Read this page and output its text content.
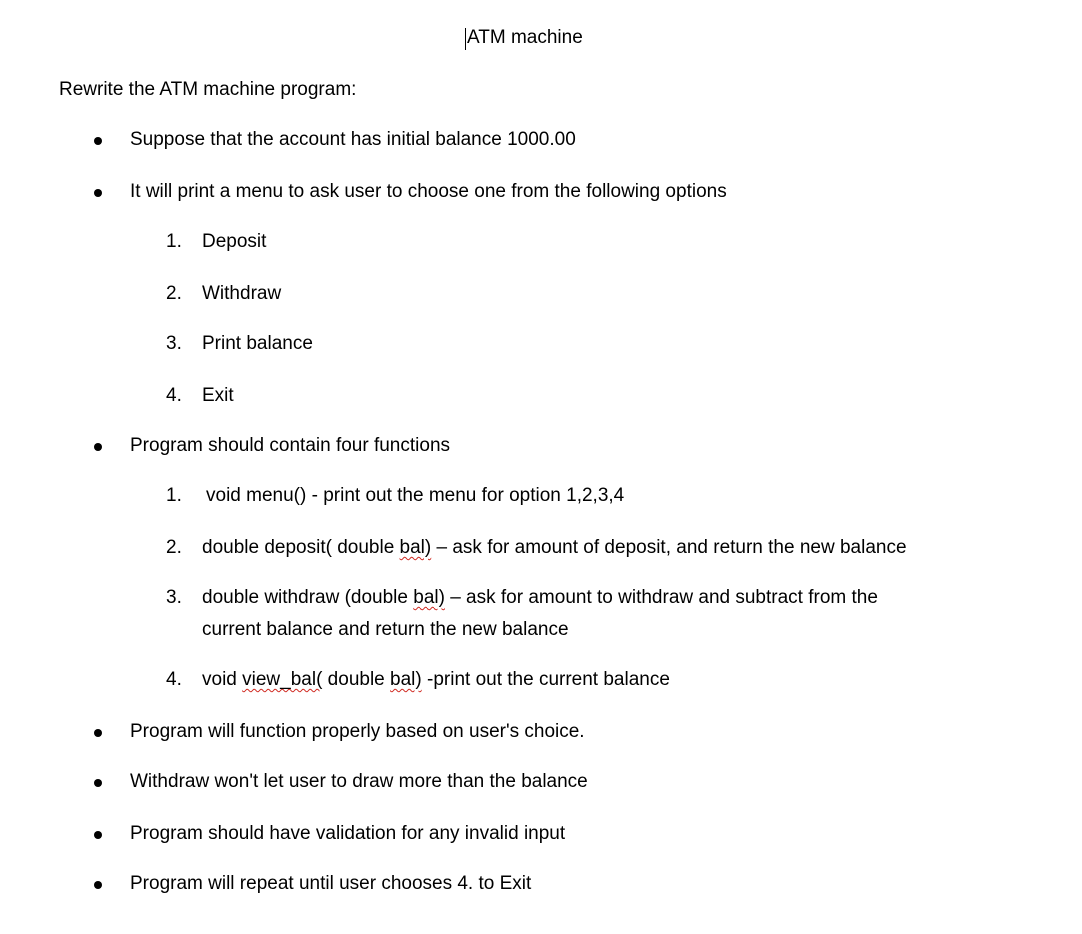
ATM machine
Rewrite the ATM machine program:
Suppose that the account has initial balance 1000.00
It will print a menu to ask user to choose one from the following options
1. Deposit
2. Withdraw
3. Print balance
4. Exit
Program should contain four functions
1. void menu() - print out the menu for option 1,2,3,4
2. double deposit( double bal) – ask for amount of deposit, and return the new balance
3. double withdraw (double bal) – ask for amount to withdraw and subtract from the
current balance and return the new balance
4. void view_bal( double bal) -print out the current balance
Program will function properly based on user's choice.
Withdraw won't let user to draw more than the balance
Program should have validation for any invalid input
Program will repeat until user chooses 4. to Exit
